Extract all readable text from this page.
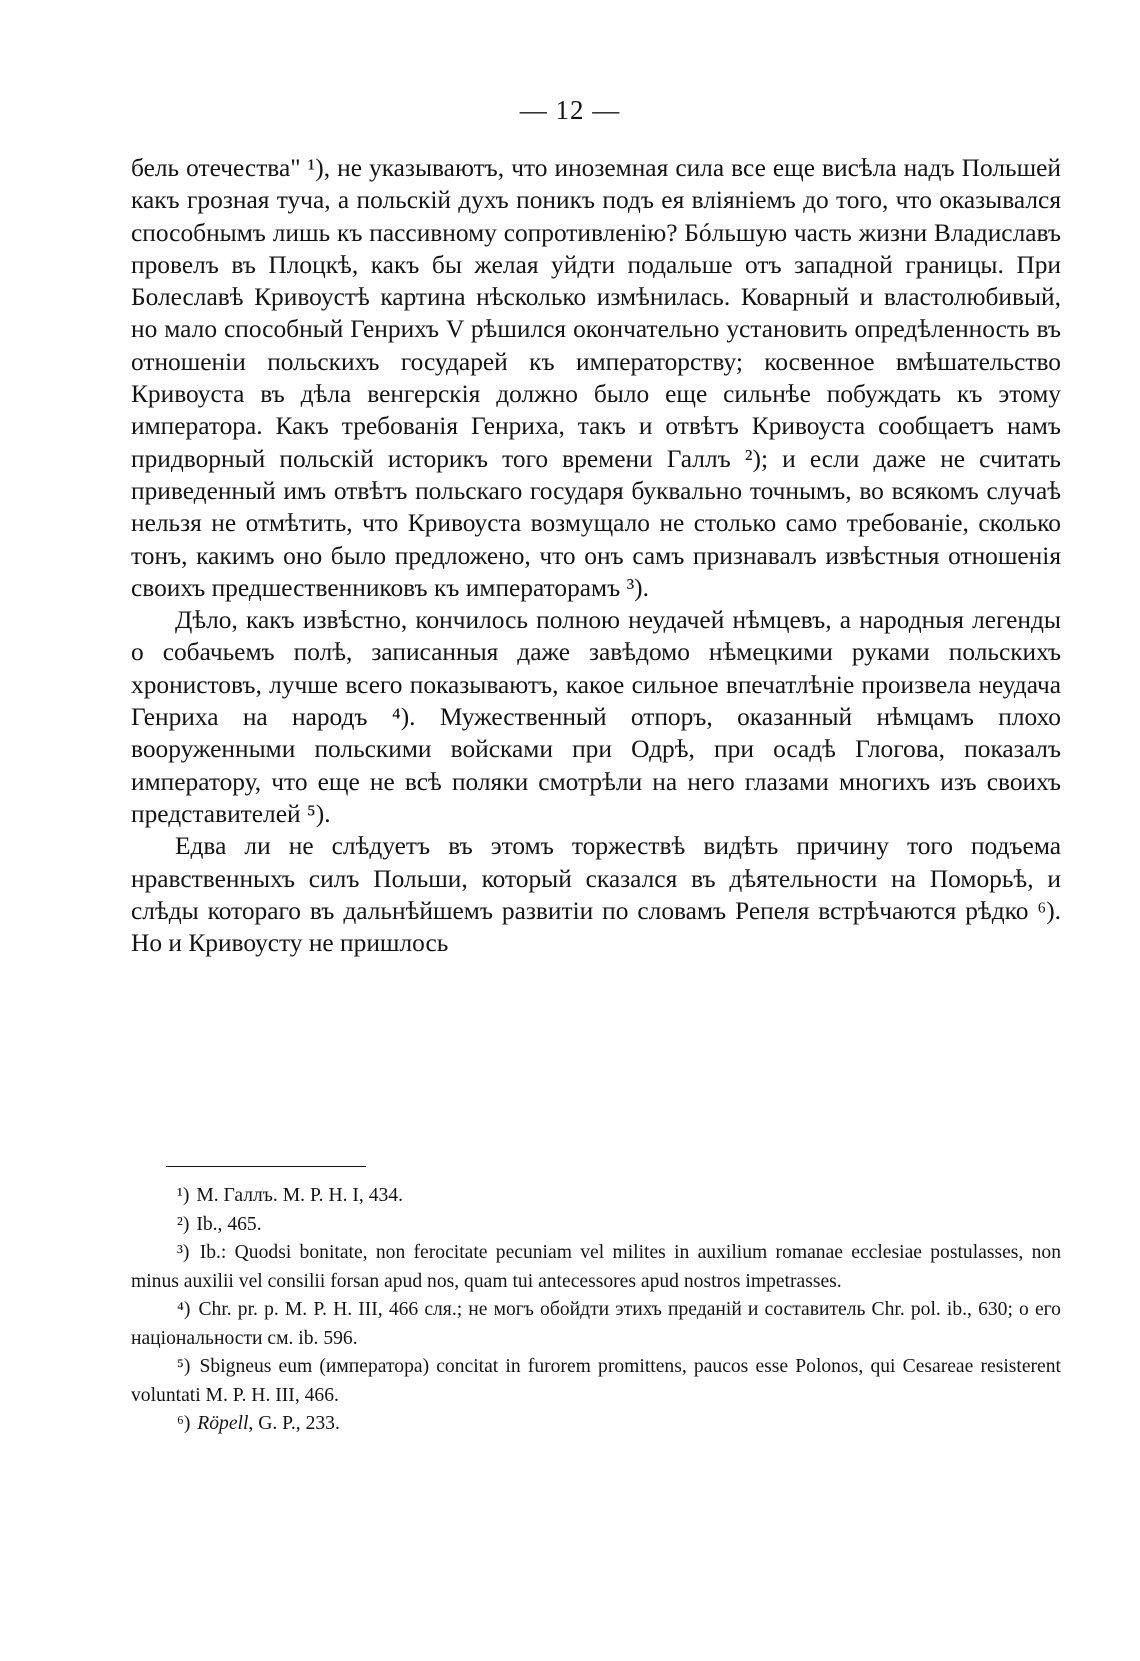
— 12 —

бель отечества" ¹), не указываютъ, что иноземная сила все еще висѣла надъ Польшей какъ грозная туча, а польскій духъ поникъ подъ ея вліяніемъ до того, что оказывался способнымъ лишь къ пассивному сопротивленію? Бóльшую часть жизни Владиславъ провелъ въ Плоцкѣ, какъ бы желая уйдти подальше отъ западной границы. При Болеславѣ Кривоустѣ картина нѣсколько измѣнилась. Коварный и властолюбивый, но мало способный Генрихъ V рѣшился окончательно установить опредѣленность въ отношеніи польскихъ государей къ императорству; косвенное вмѣшательство Кривоуста въ дѣла венгерскія должно было еще сильнѣе побуждать къ этому императора. Какъ требованія Генриха, такъ и отвѣтъ Кривоуста сообщаетъ намъ придворный польскій историкъ того времени Галлъ ²); и если даже не считать приведенный имъ отвѣтъ польскаго государя буквально точнымъ, во всякомъ случаѣ нельзя не отмѣтить, что Кривоуста возмущало не столько само требованіе, сколько тонъ, какимъ оно было предложено, что онъ самъ признавалъ извѣстныя отношенія своихъ предшественниковъ къ императорамъ ³).

Дѣло, какъ извѣстно, кончилось полною неудачей нѣмцевъ, а народныя легенды о собачьемъ полѣ, записанныя даже завѣдомо нѣмецкими руками польскихъ хронистовъ, лучше всего показываютъ, какое сильное впечатлѣніе произвела неудача Генриха на народъ ⁴). Мужественный отпоръ, оказанный нѣмцамъ плохо вооруженными польскими войсками при Одрѣ, при осадѣ Глогова, показалъ императору, что еще не всѣ поляки смотрѣли на него глазами многихъ изъ своихъ представителей ⁵).

Едва ли не слѣдуетъ въ этомъ торжествѣ видѣть причину того подъема нравственныхъ силъ Польши, который сказался въ дѣятельности на Поморьѣ, и слѣды котораго въ дальнѣйшемъ развитіи по словамъ Репеля встрѣчаются рѣдко ⁶). Но и Кривоусту не пришлось

¹) M. Галлъ. M. P. H. I, 434.

²) Ib., 465.

³) Ib.: Quodsi bonitate, non ferocitate pecuniam vel milites in auxilium romanae ecclesiae postulasses, non minus auxilii vel consilii forsan apud nos, quam tui antecessores apud nostros impetrasses.

⁴) Chr. pr. p. M. P. H. III, 466 сля.; не могъ обойдти этихъ преданій и составитель Chr. pol. ib., 630; о его національности см. ib. 596.

⁵) Sbigneus eum (императора) concitat in furorem promittens, paucos esse Polonos, qui Cesareae resisterent voluntati M. P. H. III, 466.

⁶) Röpell, G. P., 233.
